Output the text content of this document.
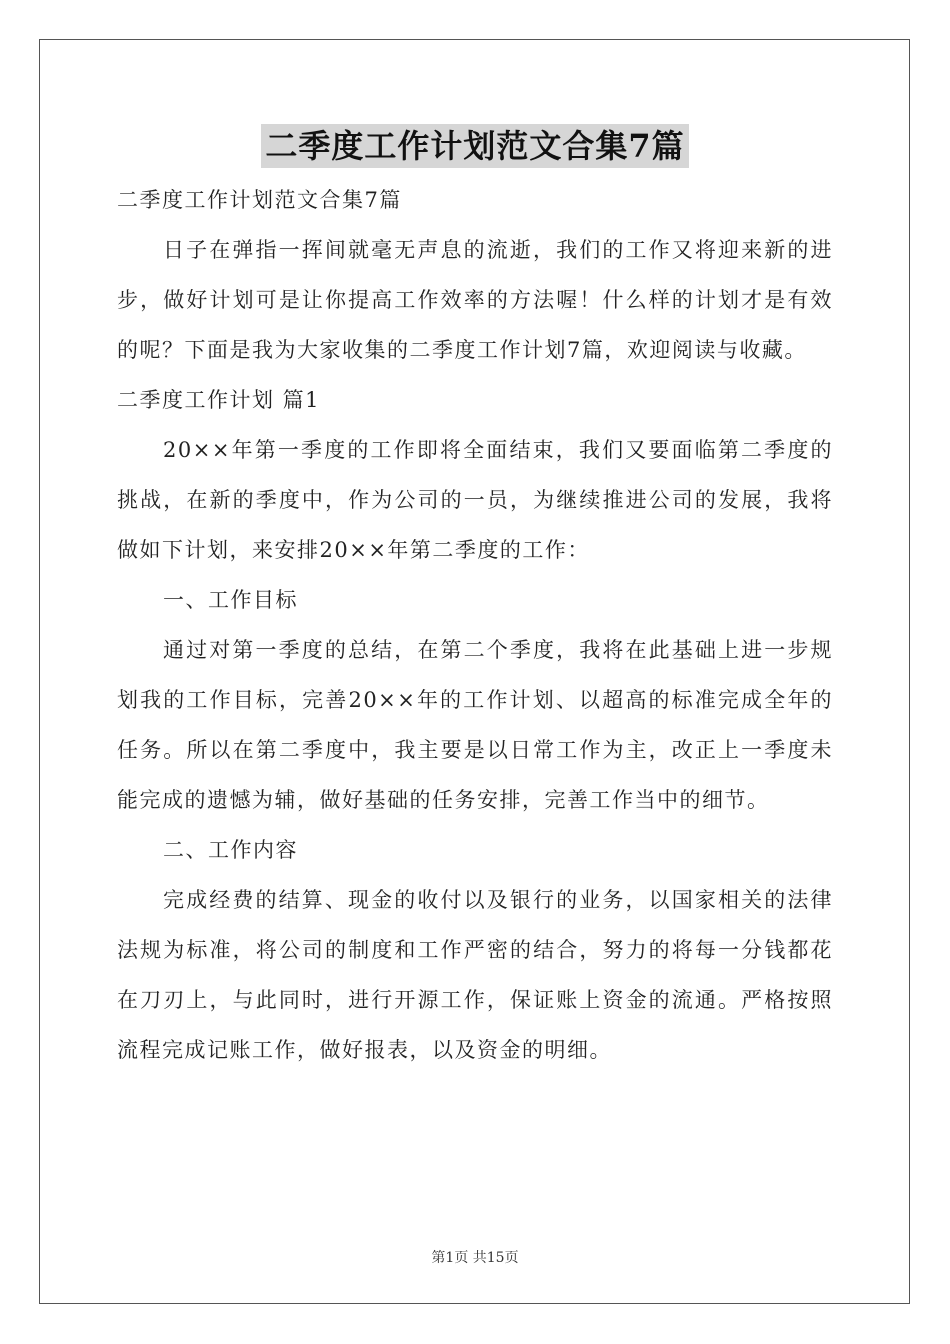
二季度工作计划范文合集7篇
二季度工作计划范文合集7篇

日子在弹指一挥间就毫无声息的流逝，我们的工作又将迎来新的进步，做好计划可是让你提高工作效率的方法喔！什么样的计划才是有效的呢？下面是我为大家收集的二季度工作计划7篇，欢迎阅读与收藏。

二季度工作计划 篇1

20××年第一季度的工作即将全面结束，我们又要面临第二季度的挑战，在新的季度中，作为公司的一员，为继续推进公司的发展，我将做如下计划，来安排20××年第二季度的工作：

一、工作目标

通过对第一季度的总结，在第二个季度，我将在此基础上进一步规划我的工作目标，完善20××年的工作计划、以超高的标准完成全年的任务。所以在第二季度中，我主要是以日常工作为主，改正上一季度未能完成的遗憾为辅，做好基础的任务安排，完善工作当中的细节。

二、工作内容

完成经费的结算、现金的收付以及银行的业务，以国家相关的法律法规为标准，将公司的制度和工作严密的结合，努力的将每一分钱都花在刀刃上，与此同时，进行开源工作，保证账上资金的流通。严格按照流程完成记账工作，做好报表，以及资金的明细。

第1页 共15页
